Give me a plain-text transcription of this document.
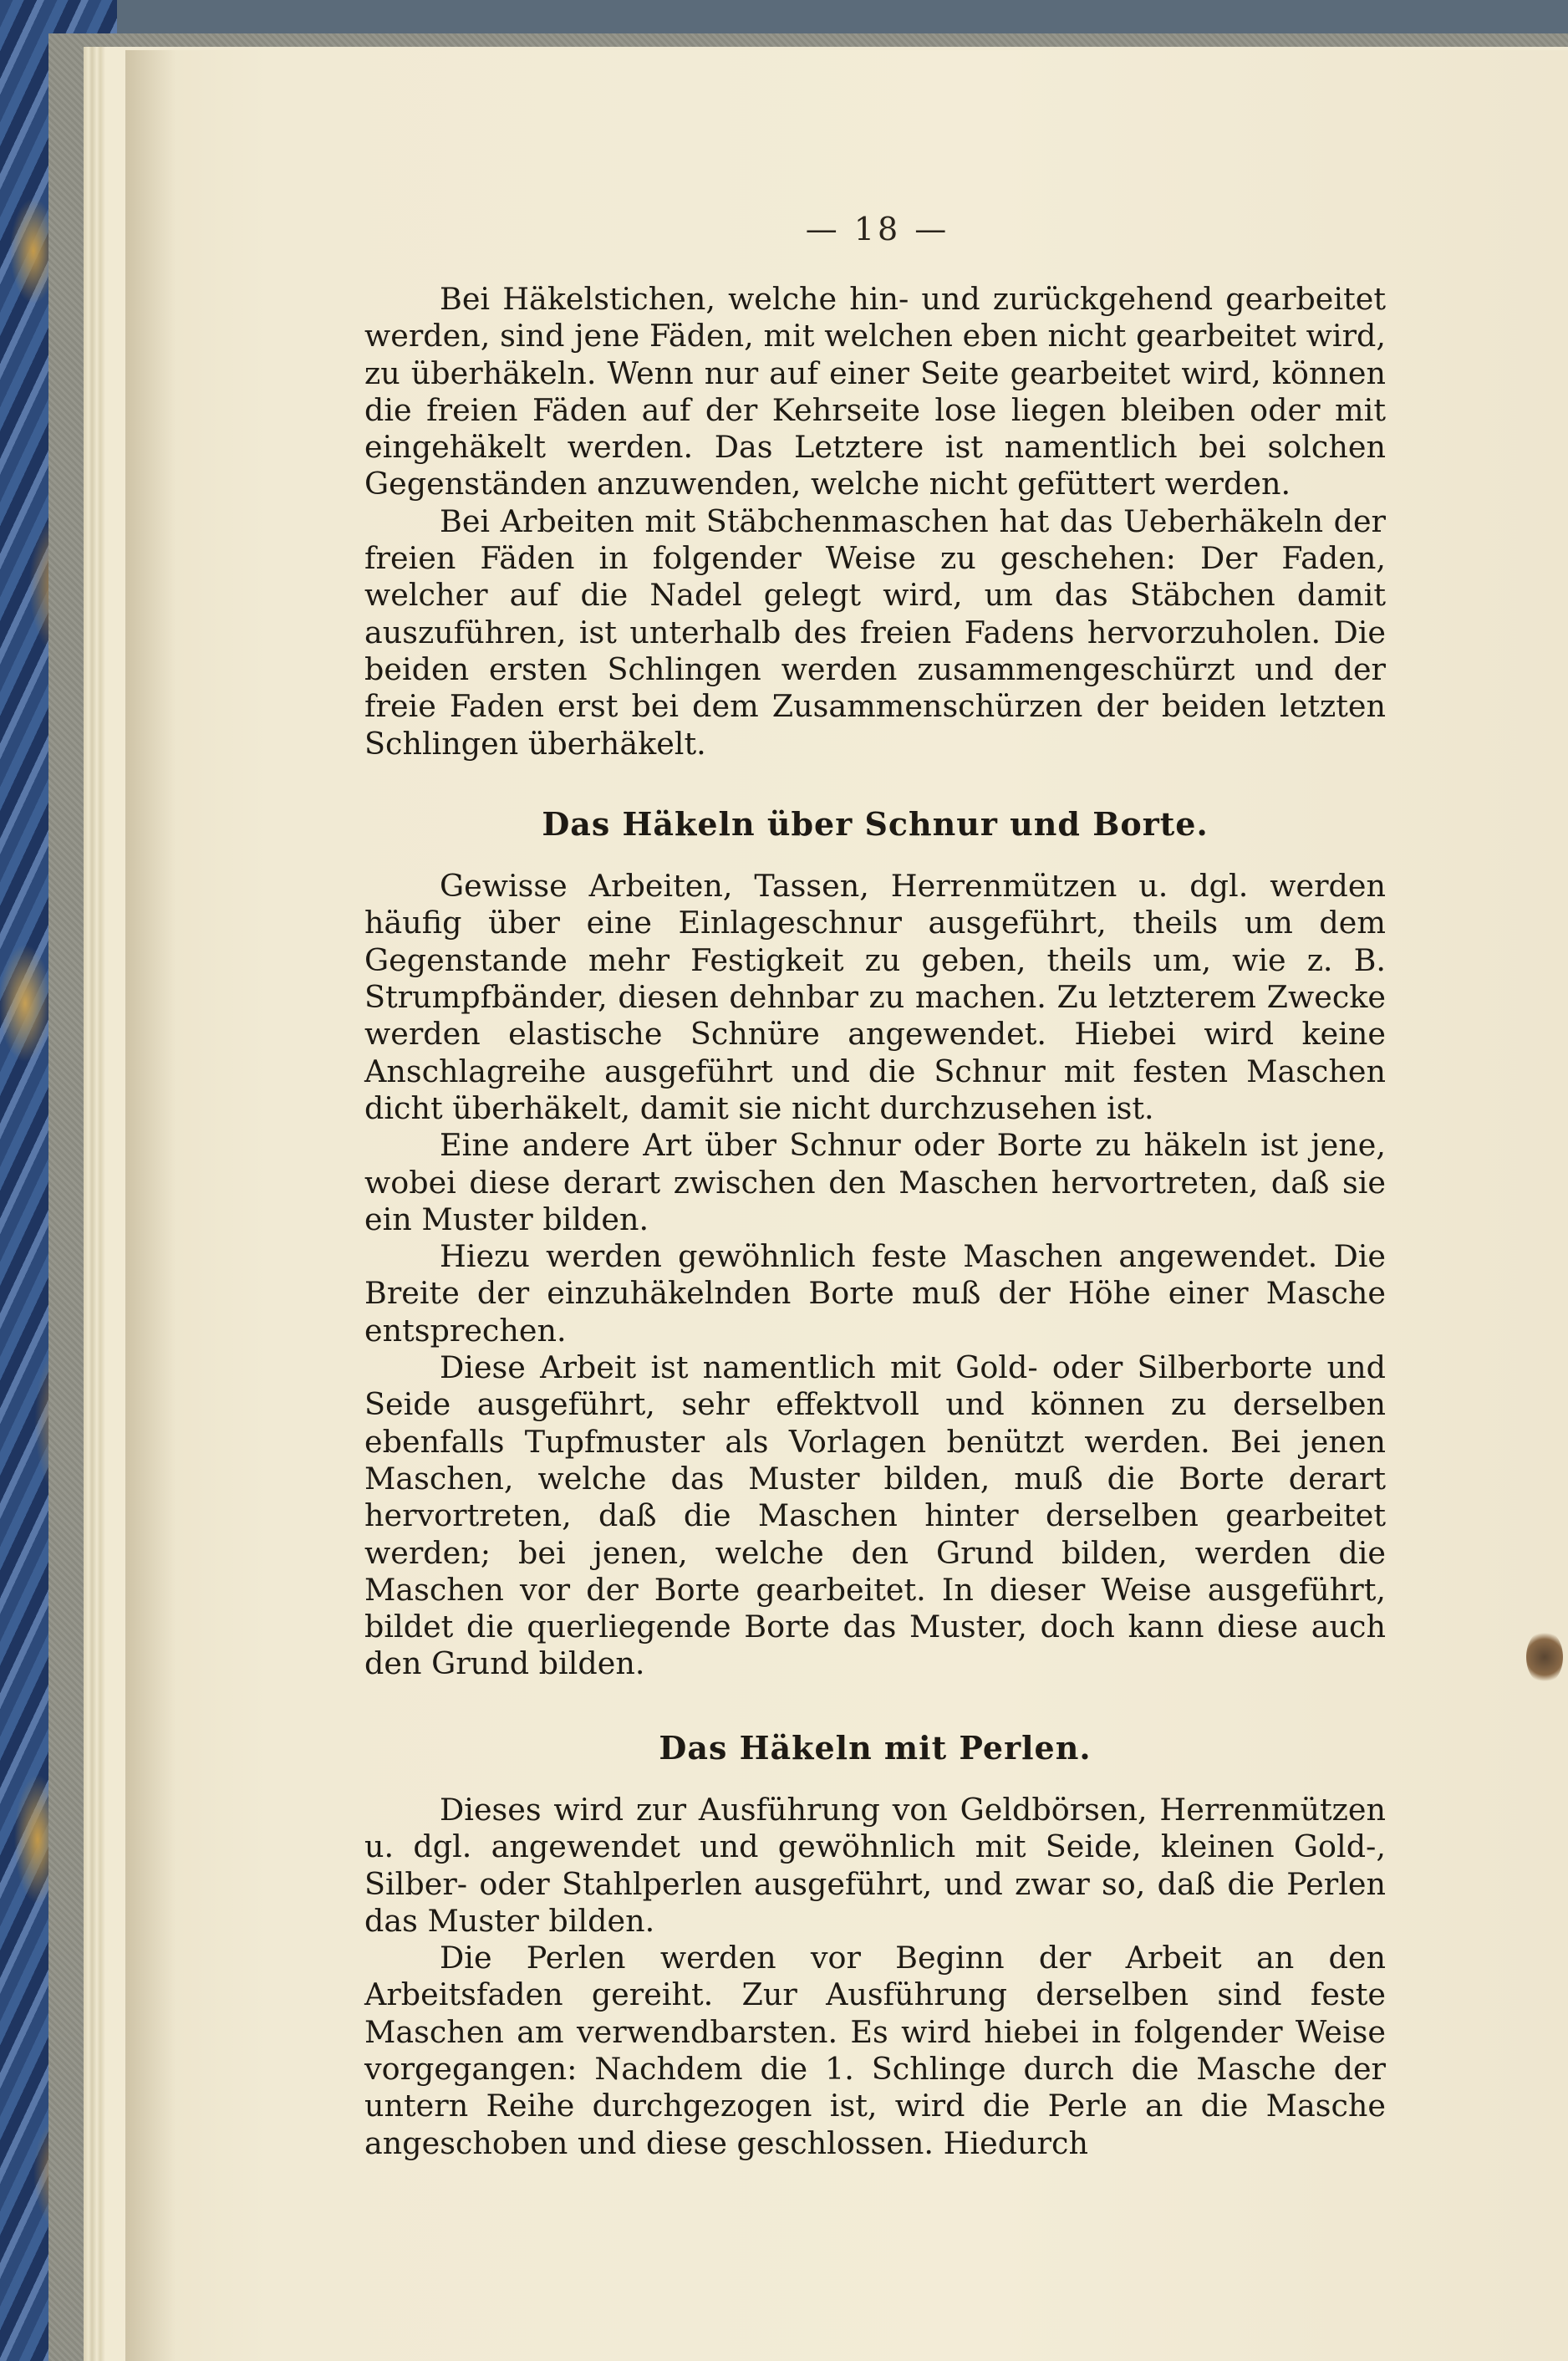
— 18 —

Bei Häkelstichen, welche hin- und zurückgehend gearbeitet werden, sind jene Fäden, mit welchen eben nicht gearbeitet wird, zu überhäkeln. Wenn nur auf einer Seite gearbeitet wird, können die freien Fäden auf der Kehrseite lose liegen bleiben oder mit eingehäkelt werden. Das Letztere ist namentlich bei solchen Gegenständen anzuwenden, welche nicht gefüttert werden.

Bei Arbeiten mit Stäbchenmaschen hat das Ueberhäkeln der freien Fäden in folgender Weise zu geschehen: Der Faden, welcher auf die Nadel gelegt wird, um das Stäbchen damit auszuführen, ist unterhalb des freien Fadens hervorzuholen. Die beiden ersten Schlingen werden zusammengeschürzt und der freie Faden erst bei dem Zusammenschürzen der beiden letzten Schlingen überhäkelt.

Das Häkeln über Schnur und Borte.

Gewisse Arbeiten, Tassen, Herrenmützen u. dgl. werden häufig über eine Einlageschnur ausgeführt, theils um dem Gegenstande mehr Festigkeit zu geben, theils um, wie z. B. Strumpfbänder, diesen dehnbar zu machen. Zu letzterem Zwecke werden elastische Schnüre angewendet. Hiebei wird keine Anschlagreihe ausgeführt und die Schnur mit festen Maschen dicht überhäkelt, damit sie nicht durchzusehen ist.

Eine andere Art über Schnur oder Borte zu häkeln ist jene, wobei diese derart zwischen den Maschen hervortreten, daß sie ein Muster bilden.

Hiezu werden gewöhnlich feste Maschen angewendet. Die Breite der einzuhäkelnden Borte muß der Höhe einer Masche entsprechen.

Diese Arbeit ist namentlich mit Gold- oder Silberborte und Seide ausgeführt, sehr effektvoll und können zu derselben ebenfalls Tupfmuster als Vorlagen benützt werden. Bei jenen Maschen, welche das Muster bilden, muß die Borte derart hervortreten, daß die Maschen hinter derselben gearbeitet werden; bei jenen, welche den Grund bilden, werden die Maschen vor der Borte gearbeitet. In dieser Weise ausgeführt, bildet die querliegende Borte das Muster, doch kann diese auch den Grund bilden.

Das Häkeln mit Perlen.

Dieses wird zur Ausführung von Geldbörsen, Herrenmützen u. dgl. angewendet und gewöhnlich mit Seide, kleinen Gold-, Silber- oder Stahlperlen ausgeführt, und zwar so, daß die Perlen das Muster bilden.

Die Perlen werden vor Beginn der Arbeit an den Arbeitsfaden gereiht. Zur Ausführung derselben sind feste Maschen am verwendbarsten. Es wird hiebei in folgender Weise vorgegangen: Nachdem die 1. Schlinge durch die Masche der untern Reihe durchgezogen ist, wird die Perle an die Masche angeschoben und diese geschlossen. Hiedurch
